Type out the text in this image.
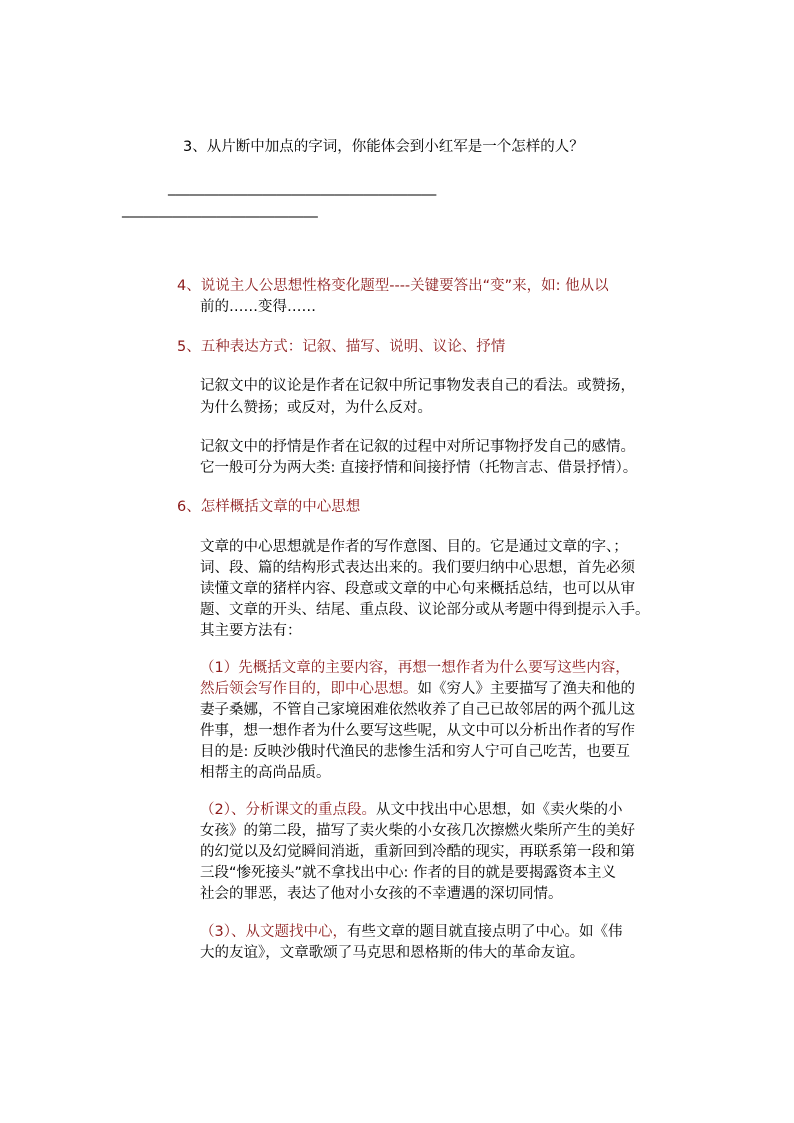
3、从片断中加点的字词，你能体会到小红军是一个怎样的人？
_____________________________________
___________________________
4、说说主人公思想性格变化题型----关键要答出“变”来，如: 他从以
前的……变得……
5、五种表达方式：记叙、描写、说明、议论、抒情
记叙文中的议论是作者在记叙中所记事物发表自己的看法。或赞扬，
为什么赞扬；或反对，为什么反对。
记叙文中的抒情是作者在记叙的过程中对所记事物抒发自己的感情。
它一般可分为两大类: 直接抒情和间接抒情（托物言志、借景抒情）。
6、怎样概括文章的中心思想
文章的中心思想就是作者的写作意图、目的。它是通过文章的字、；
词、段、篇的结构形式表达出来的。我们要归纳中心思想，首先必须
读懂文章的猪样内容、段意或文章的中心句来概括总结，也可以从审
题、文章的开头、结尾、重点段、议论部分或从考题中得到提示入手。
其主要方法有：
（1）先概括文章的主要内容，再想一想作者为什么要写这些内容，
然后领会写作目的，即中心思想。如《穷人》主要描写了渔夫和他的
妻子桑娜，不管自己家境困难依然收养了自己已故邻居的两个孤儿这
件事，想一想作者为什么要写这些呢，从文中可以分析出作者的写作
目的是: 反映沙俄时代渔民的悲惨生活和穷人宁可自己吃苦，也要互
相帮主的高尚品质。
（2）、分析课文的重点段。从文中找出中心思想，如《卖火柴的小
女孩》的第二段，描写了卖火柴的小女孩几次擦燃火柴所产生的美好
的幻觉以及幻觉瞬间消逝，重新回到冷酷的现实，再联系第一段和第
三段“惨死接头”就不拿找出中心: 作者的目的就是要揭露资本主义
社会的罪恶，表达了他对小女孩的不幸遭遇的深切同情。
（3）、从文题找中心，有些文章的题目就直接点明了中心。如《伟
大的友谊》，文章歌颂了马克思和恩格斯的伟大的革命友谊。
